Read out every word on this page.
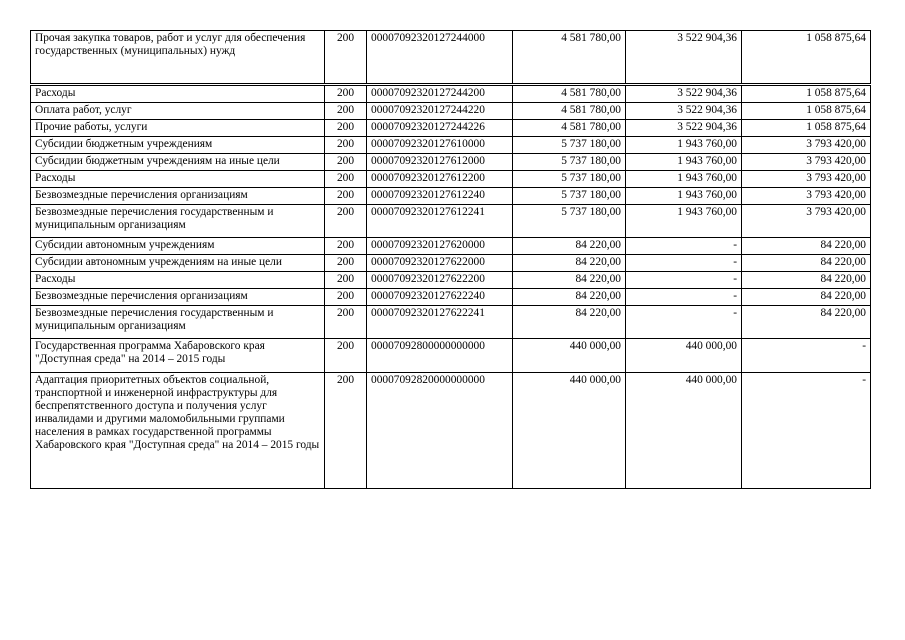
Прочая закупка товаров, работ и услуг для обеспечения государственных (муниципальных) нужд	200	00007092320127244000	4 581 780,00	3 522 904,36	1 058 875,64
Расходы	200	00007092320127244200	4 581 780,00	3 522 904,36	1 058 875,64
Оплата работ, услуг	200	00007092320127244220	4 581 780,00	3 522 904,36	1 058 875,64
Прочие работы, услуги	200	00007092320127244226	4 581 780,00	3 522 904,36	1 058 875,64
Субсидии бюджетным учреждениям	200	00007092320127610000	5 737 180,00	1 943 760,00	3 793 420,00
Субсидии бюджетным учреждениям на иные цели	200	00007092320127612000	5 737 180,00	1 943 760,00	3 793 420,00
Расходы	200	00007092320127612200	5 737 180,00	1 943 760,00	3 793 420,00
Безвозмездные перечисления организациям	200	00007092320127612240	5 737 180,00	1 943 760,00	3 793 420,00
Безвозмездные перечисления государственным и муниципальным организациям	200	00007092320127612241	5 737 180,00	1 943 760,00	3 793 420,00
Субсидии автономным учреждениям	200	00007092320127620000	84 220,00	-	84 220,00
Субсидии автономным учреждениям на иные цели	200	00007092320127622000	84 220,00	-	84 220,00
Расходы	200	00007092320127622200	84 220,00	-	84 220,00
Безвозмездные перечисления организациям	200	00007092320127622240	84 220,00	-	84 220,00
Безвозмездные перечисления государственным и муниципальным организациям	200	00007092320127622241	84 220,00	-	84 220,00
Государственная программа Хабаровского края "Доступная среда" на 2014 – 2015 годы	200	00007092800000000000	440 000,00	440 000,00	-
Адаптация приоритетных объектов социальной, транспортной и инженерной инфраструктуры для беспрепятственного доступа и получения услуг инвалидами и другими маломобильными группами населения в рамках государственной программы Хабаровского края "Доступная среда" на 2014 – 2015 годы	200	00007092820000000000	440 000,00	440 000,00	-
